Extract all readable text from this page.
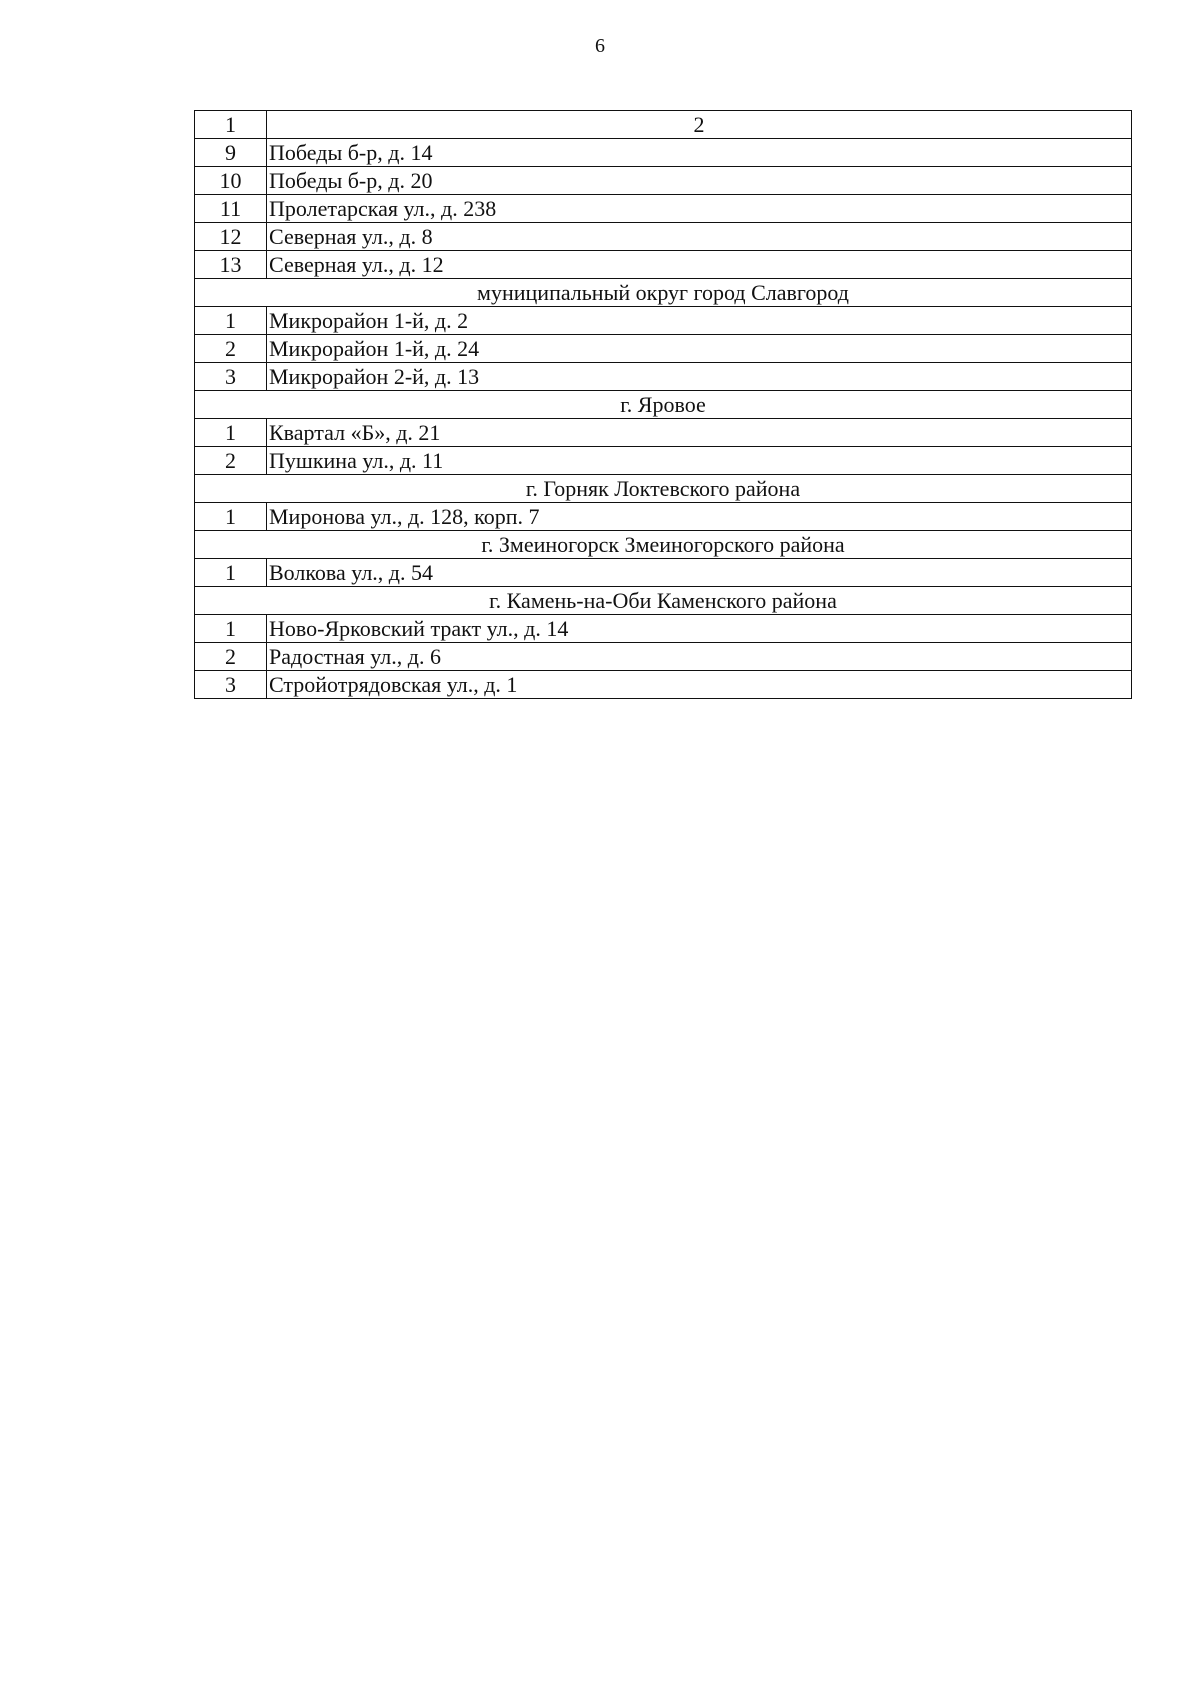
6
1	2
9	Победы б-р, д. 14
10	Победы б-р, д. 20
11	Пролетарская ул., д. 238
12	Северная ул., д. 8
13	Северная ул., д. 12
муниципальный округ город Славгород	
1	Микрорайон 1-й, д. 2
2	Микрорайон 1-й, д. 24
3	Микрорайон 2-й, д. 13
г. Яровое	
1	Квартал «Б», д. 21
2	Пушкина ул., д. 11
г. Горняк Локтевского района	
1	Миронова ул., д. 128, корп. 7
г. Змеиногорск Змеиногорского района	
1	Волкова ул., д. 54
г. Камень-на-Оби Каменского района	
1	Ново-Ярковский тракт ул., д. 14
2	Радостная ул., д. 6
3	Стройотрядовская ул., д. 1
